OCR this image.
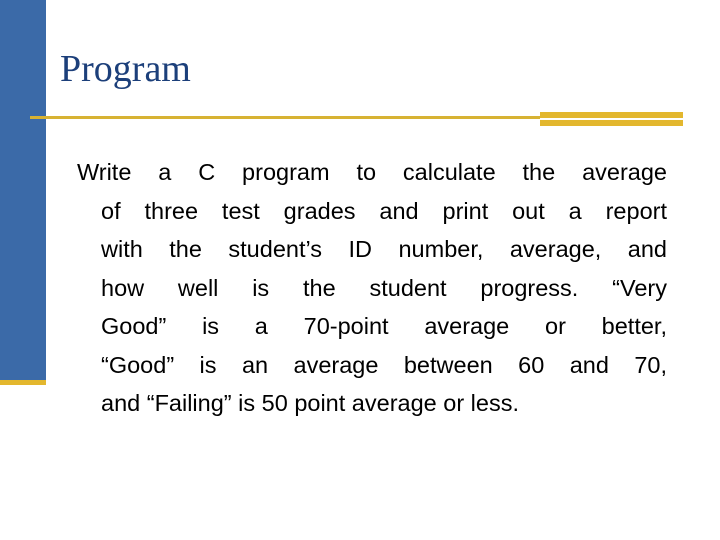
Program
Write a C program to calculate the average
of three test grades and print out a report
with the student’s ID number, average, and
how well is the student progress. “Very
Good” is a 70-point average or better,
“Good” is an average between 60 and 70,
and “Failing” is 50 point average or less.
